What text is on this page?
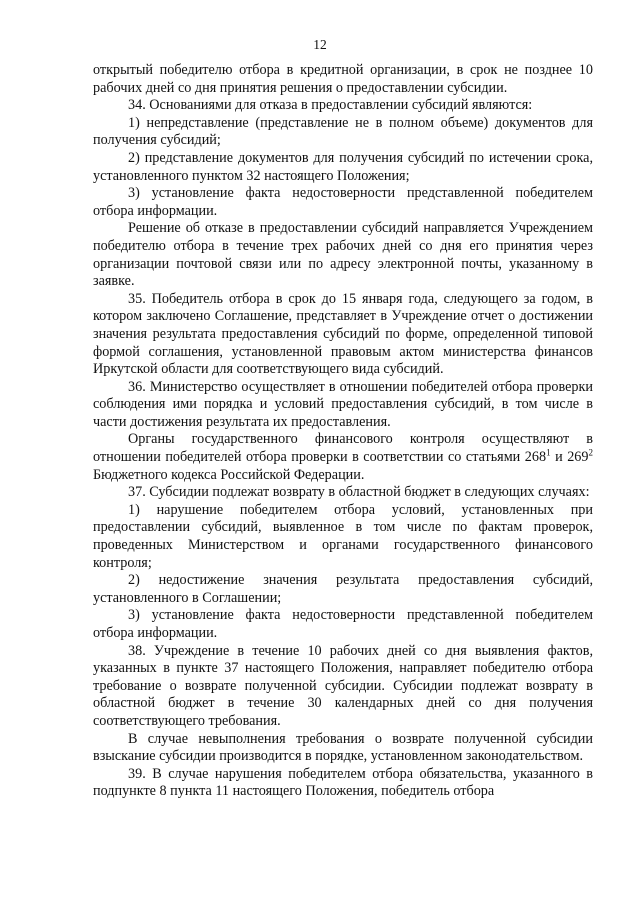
12

открытый победителю отбора в кредитной организации, в срок не позднее 10 рабочих дней со дня принятия решения о предоставлении субсидии.

34. Основаниями для отказа в предоставлении субсидий являются:

1) непредставление (представление не в полном объеме) документов для получения субсидий;

2) представление документов для получения субсидий по истечении срока, установленного пунктом 32 настоящего Положения;

3) установление факта недостоверности представленной победителем отбора информации.

Решение об отказе в предоставлении субсидий направляется Учреждением победителю отбора в течение трех рабочих дней со дня его принятия через организации почтовой связи или по адресу электронной почты, указанному в заявке.

35. Победитель отбора в срок до 15 января года, следующего за годом, в котором заключено Соглашение, представляет в Учреждение отчет о достижении значения результата предоставления субсидий по форме, определенной типовой формой соглашения, установленной правовым актом министерства финансов Иркутской области для соответствующего вида субсидий.

36. Министерство осуществляет в отношении победителей отбора проверки соблюдения ими порядка и условий предоставления субсидий, в том числе в части достижения результата их предоставления.

Органы государственного финансового контроля осуществляют в отношении победителей отбора проверки в соответствии со статьями $268^1$ и $269^2$ Бюджетного кодекса Российской Федерации.

37. Субсидии подлежат возврату в областной бюджет в следующих случаях:

1) нарушение победителем отбора условий, установленных при предоставлении субсидий, выявленное в том числе по фактам проверок, проведенных Министерством и органами государственного финансового контроля;

2) недостижение значения результата предоставления субсидий, установленного в Соглашении;

3) установление факта недостоверности представленной победителем отбора информации.

38. Учреждение в течение 10 рабочих дней со дня выявления фактов, указанных в пункте 37 настоящего Положения, направляет победителю отбора требование о возврате полученной субсидии. Субсидии подлежат возврату в областной бюджет в течение 30 календарных дней со дня получения соответствующего требования.

В случае невыполнения требования о возврате полученной субсидии взыскание субсидии производится в порядке, установленном законодательством.

39. В случае нарушения победителем отбора обязательства, указанного в подпункте 8 пункта 11 настоящего Положения, победитель отбора
